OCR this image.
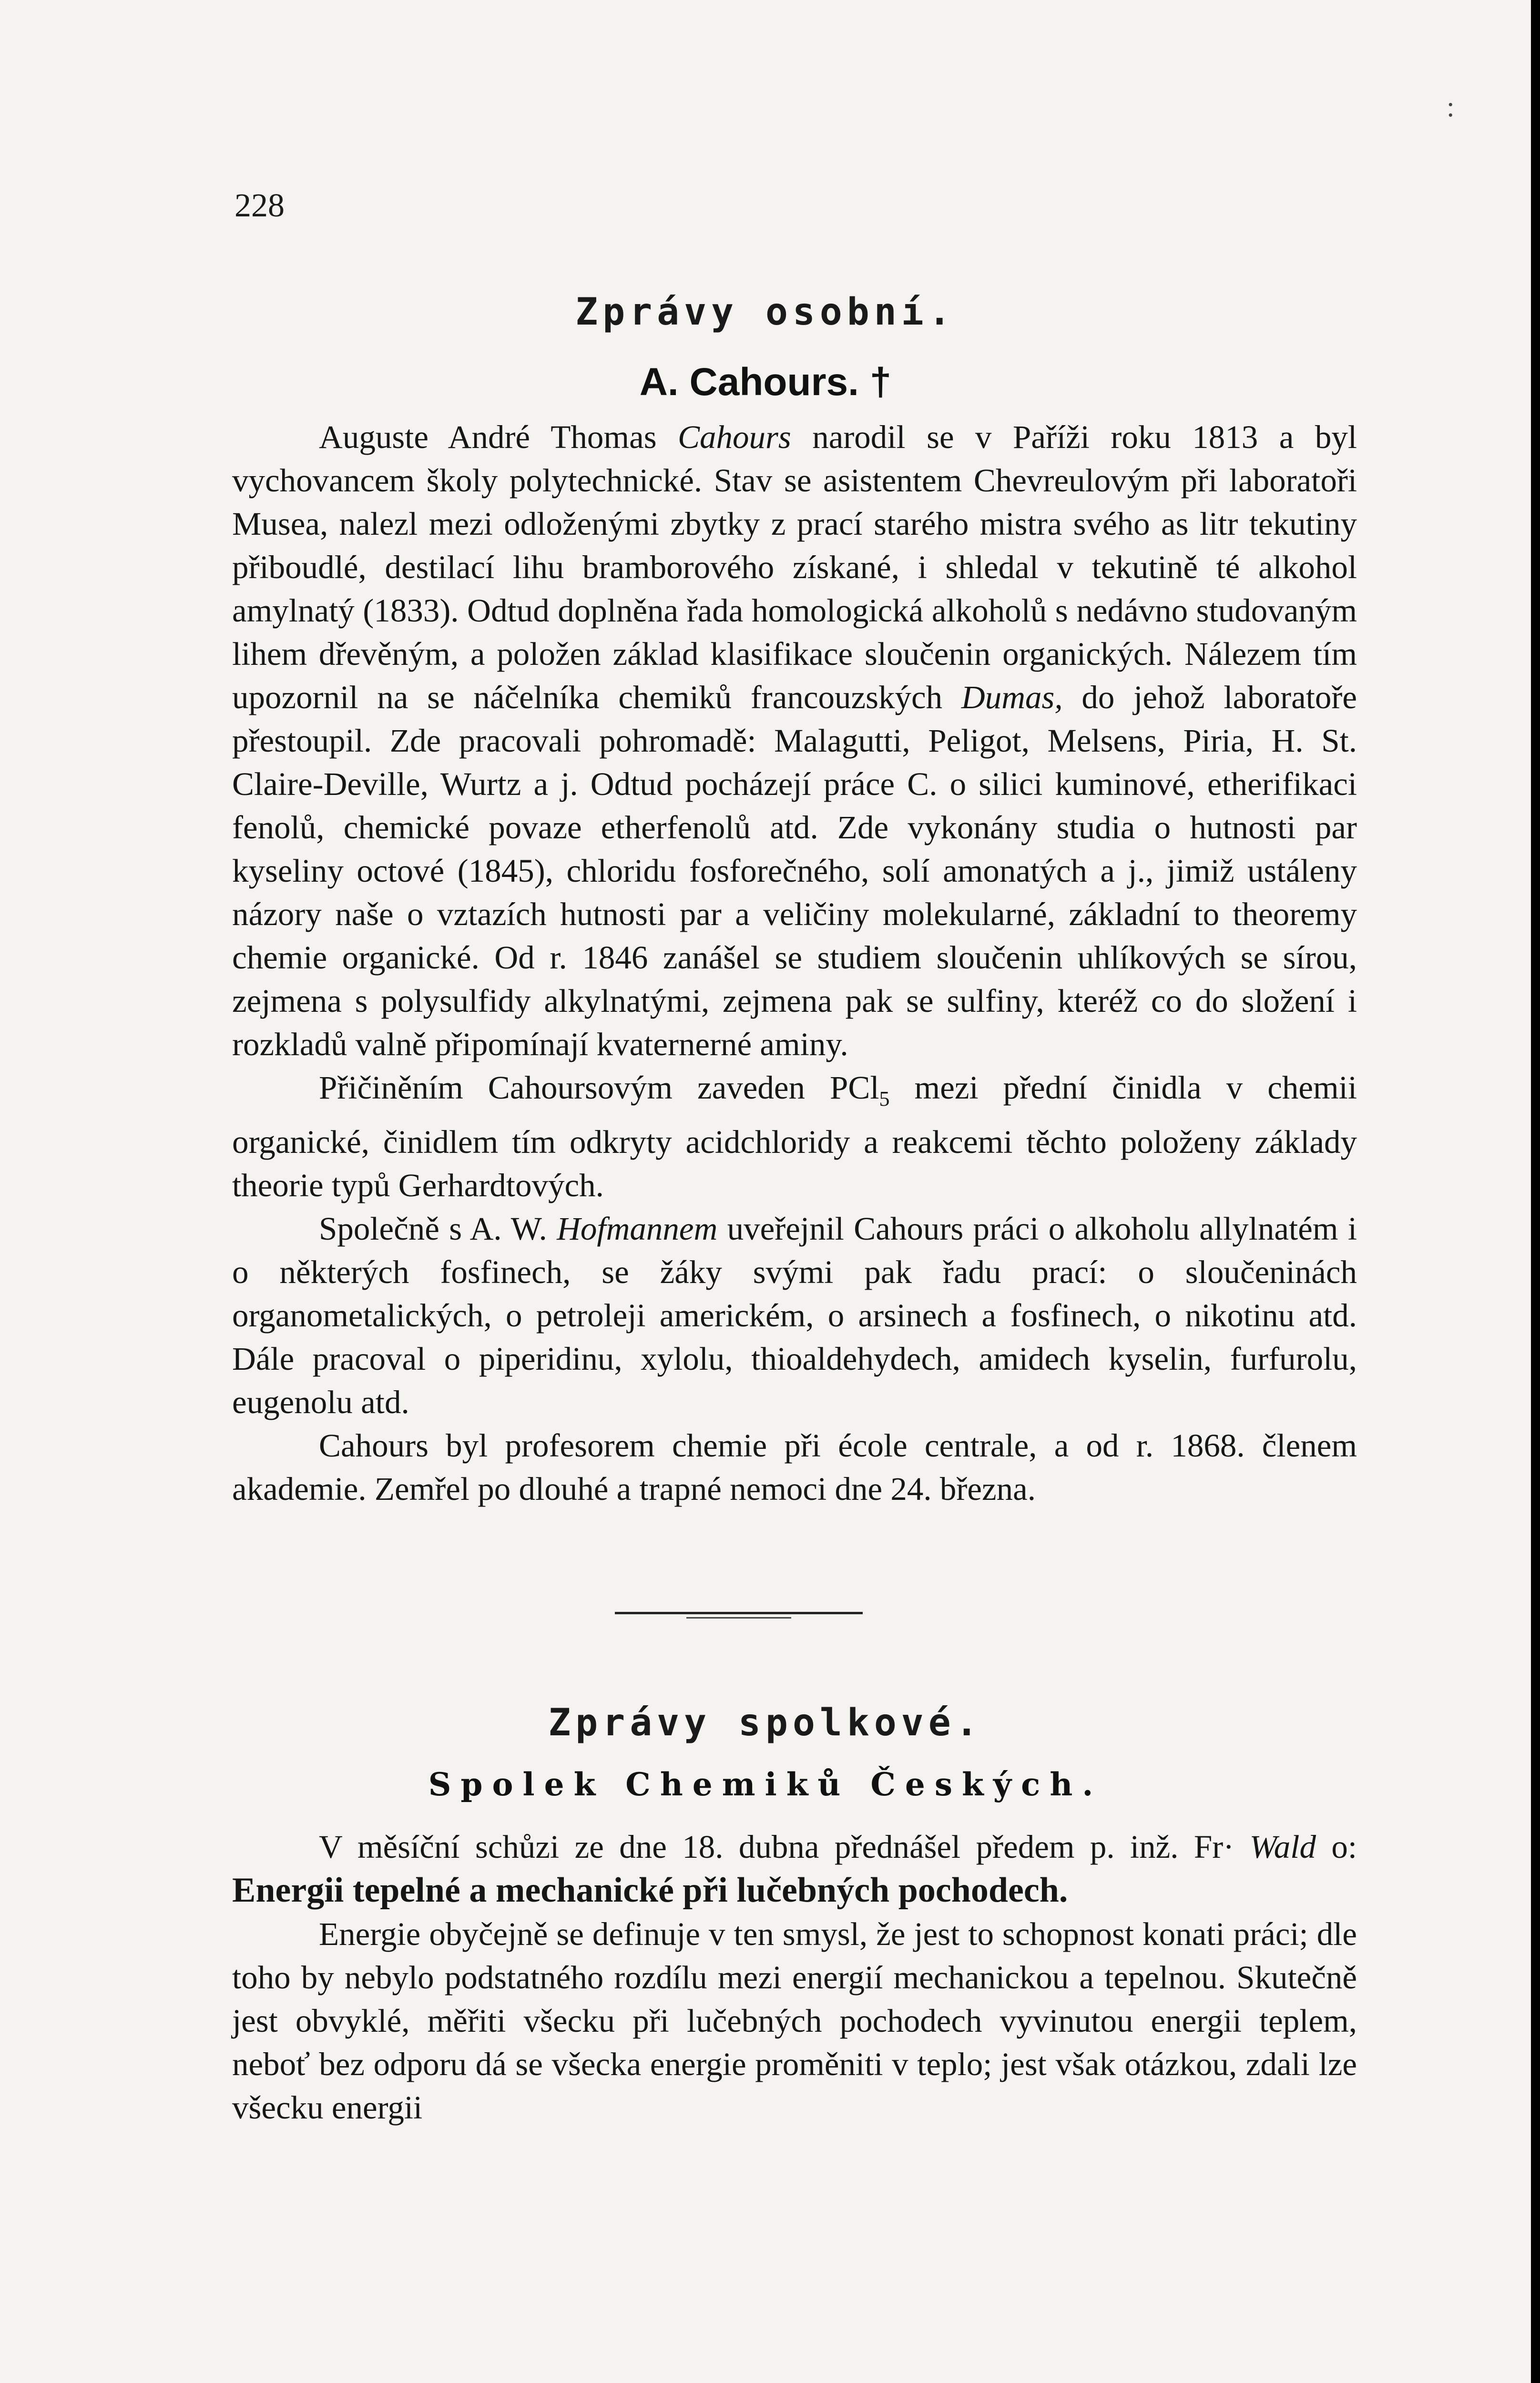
228
Zprávy osobní.
A. Cahours. †

Auguste André Thomas Cahours narodil se v Paříži roku 1813 a byl vychovancem školy polytechnické. Stav se asistentem Chevreulovým při laboratoři Musea, nalezl mezi odloženými zbytky z prací starého mistra svého as litr tekutiny přiboudlé, destilací lihu bramborového získané, i shledal v tekutině té alkohol amylnatý (1833). Odtud doplněna řada homologická alkoholů s nedávno studovaným lihem dřevěným, a položen základ klasifikace sloučenin organických. Nálezem tím upozornil na se náčelníka chemiků francouzských Dumas, do jehož laboratoře přestoupil. Zde pracovali pohromadě: Malagutti, Peligot, Melsens, Piria, H. St. Claire-Deville, Wurtz a j. Odtud pocházejí práce C. o silici kuminové, etherifikaci fenolů, chemické povaze etherfenolů atd. Zde vykonány studia o hutnosti par kyseliny octové (1845), chloridu fosforečného, solí amonatých a j., jimiž ustáleny názory naše o vztazích hutnosti par a veličiny molekularné, základní to theoremy chemie organické. Od r. 1846 zanášel se studiem sloučenin uhlíkových se sírou, zejmena s polysulfidy alkylnatými, zejmena pak se sulfiny, kteréž co do složení i rozkladů valně připomínají kvaternerné aminy.

Přičiněním Cahoursovým zaveden PCl$_5$ mezi přední činidla v chemii organické, činidlem tím odkryty acidchloridy a reakcemi těchto položeny základy theorie typů Gerhardtových.

Společně s A. W. Hofmannem uveřejnil Cahours práci o alkoholu allylnatém i o některých fosfinech, se žáky svými pak řadu prací: o sloučeninách organometalických, o petroleji americkém, o arsinech a fosfinech, o nikotinu atd. Dále pracoval o piperidinu, xylolu, thioaldehydech, amidech kyselin, furfurolu, eugenolu atd.

Cahours byl profesorem chemie při école centrale, a od r. 1868. členem akademie. Zemřel po dlouhé a trapné nemoci dne 24. března.

Zprávy spolkové.
Spolek Chemiků Českých.

V měsíční schůzi ze dne 18. dubna přednášel předem p. inž. Fr· Wald o: Energii tepelné a mechanické při lučebných pochodech.

Energie obyčejně se definuje v ten smysl, že jest to schopnost konati práci; dle toho by nebylo podstatného rozdílu mezi energií mechanickou a tepelnou. Skutečně jest obvyklé, měřiti všecku při lučebných pochodech vyvinutou energii teplem, neboť bez odporu dá se všecka energie proměniti v teplo; jest však otázkou, zdali lze všecku energii

:
